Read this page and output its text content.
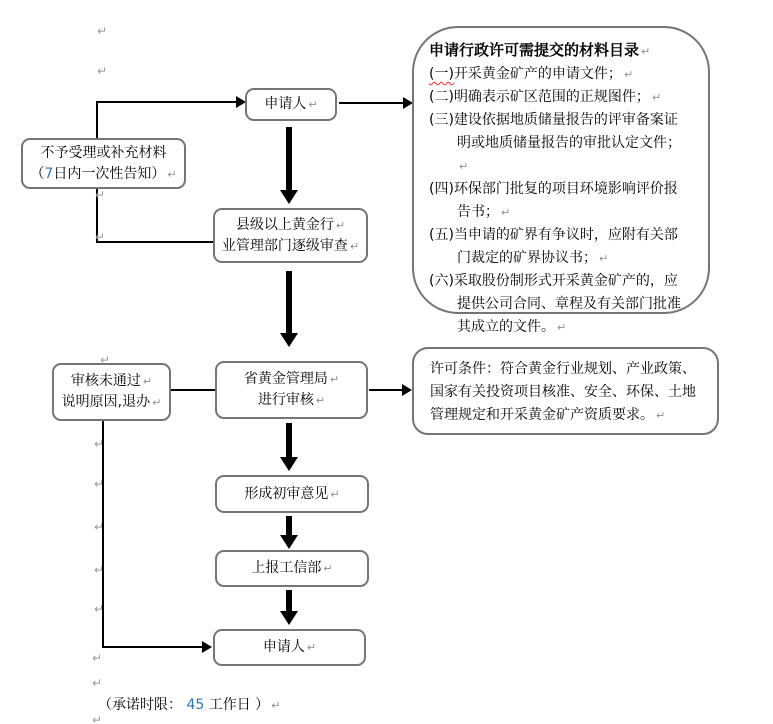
申请人 ↵
不予受理或补充材料
（7日内一次性告知） ↵
县级以上黄金行 ↵
业管理部门逐级审查 ↵
申请行政许可需提交的材料目录 ↵
(一)开采黄金矿产的申请文件； ↵
(二)明确表示矿区范围的正规图件； ↵
(三)建设依据地质储量报告的评审备案证明或地质储量报告的审批认定文件；↵
(四)环保部门批复的项目环境影响评价报告书； ↵
(五)当申请的矿界有争议时，应附有关部门裁定的矿界协议书； ↵
(六)采取股份制形式开采黄金矿产的，应提供公司合同、章程及有关部门批准其成立的文件。 ↵
审核未通过 ↵
说明原因,退办 ↵
省黄金管理局 ↵
进行审核 ↵
许可条件：符合黄金行业规划、产业政策、国家有关投资项目核准、安全、环保、土地管理规定和开采黄金矿产资质要求。 ↵
形成初审意见 ↵
上报工信部 ↵
申请人 ↵
（承诺时限： 45 工作日 ） ↵
↵
↵
↵
↵
↵
↵
↵
↵
↵
↵
↵
↵
↵
